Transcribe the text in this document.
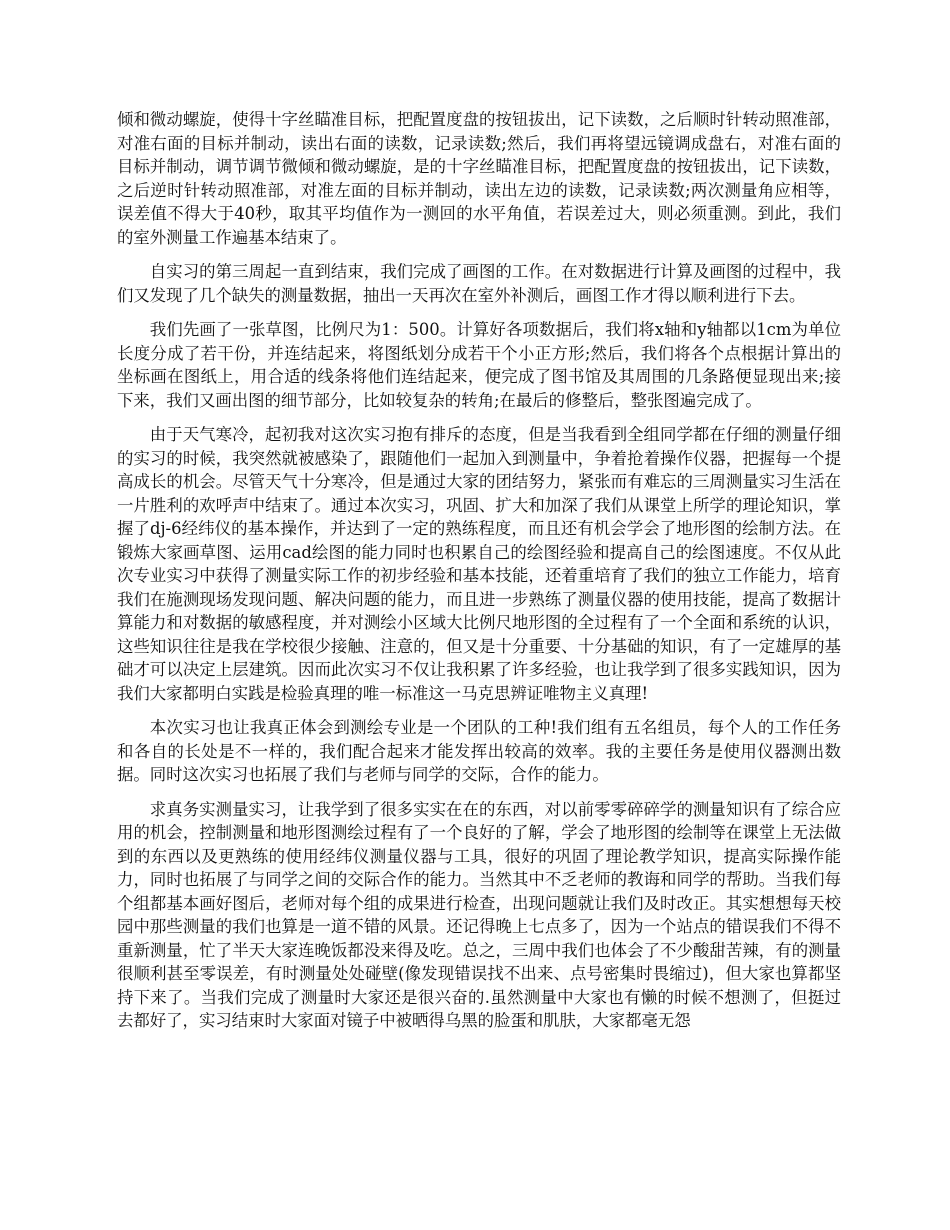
倾和微动螺旋，使得十字丝瞄准目标，把配置度盘的按钮拔出，记下读数，之后顺时针转动照准部，对准右面的目标并制动，读出右面的读数，记录读数;然后，我们再将望远镜调成盘右，对准右面的目标并制动，调节调节微倾和微动螺旋，是的十字丝瞄准目标，把配置度盘的按钮拔出，记下读数，之后逆时针转动照准部，对准左面的目标并制动，读出左边的读数，记录读数;两次测量角应相等，误差值不得大于40秒，取其平均值作为一测回的水平角值，若误差过大，则必须重测。到此，我们的室外测量工作遍基本结束了。

自实习的第三周起一直到结束，我们完成了画图的工作。在对数据进行计算及画图的过程中，我们又发现了几个缺失的测量数据，抽出一天再次在室外补测后，画图工作才得以顺利进行下去。

我们先画了一张草图，比例尺为1：500。计算好各项数据后，我们将x轴和y轴都以1cm为单位长度分成了若干份，并连结起来，将图纸划分成若干个小正方形;然后，我们将各个点根据计算出的坐标画在图纸上，用合适的线条将他们连结起来，便完成了图书馆及其周围的几条路便显现出来;接下来，我们又画出图的细节部分，比如较复杂的转角;在最后的修整后，整张图遍完成了。

由于天气寒冷，起初我对这次实习抱有排斥的态度，但是当我看到全组同学都在仔细的测量仔细的实习的时候，我突然就被感染了，跟随他们一起加入到测量中，争着抢着操作仪器，把握每一个提高成长的机会。尽管天气十分寒冷，但是通过大家的团结努力，紧张而有难忘的三周测量实习生活在一片胜利的欢呼声中结束了。通过本次实习，巩固、扩大和加深了我们从课堂上所学的理论知识，掌握了dj-6经纬仪的基本操作，并达到了一定的熟练程度，而且还有机会学会了地形图的绘制方法。在锻炼大家画草图、运用cad绘图的能力同时也积累自己的绘图经验和提高自己的绘图速度。不仅从此次专业实习中获得了测量实际工作的初步经验和基本技能，还着重培育了我们的独立工作能力，培育我们在施测现场发现问题、解决问题的能力，而且进一步熟练了测量仪器的使用技能，提高了数据计算能力和对数据的敏感程度，并对测绘小区域大比例尺地形图的全过程有了一个全面和系统的认识，这些知识往往是我在学校很少接触、注意的，但又是十分重要、十分基础的知识，有了一定雄厚的基础才可以决定上层建筑。因而此次实习不仅让我积累了许多经验，也让我学到了很多实践知识，因为我们大家都明白实践是检验真理的唯一标准这一马克思辨证唯物主义真理!

本次实习也让我真正体会到测绘专业是一个团队的工种!我们组有五名组员，每个人的工作任务和各自的长处是不一样的，我们配合起来才能发挥出较高的效率。我的主要任务是使用仪器测出数据。同时这次实习也拓展了我们与老师与同学的交际，合作的能力。

求真务实测量实习，让我学到了很多实实在在的东西，对以前零零碎碎学的测量知识有了综合应用的机会，控制测量和地形图测绘过程有了一个良好的了解，学会了地形图的绘制等在课堂上无法做到的东西以及更熟练的使用经纬仪测量仪器与工具，很好的巩固了理论教学知识，提高实际操作能力，同时也拓展了与同学之间的交际合作的能力。当然其中不乏老师的教诲和同学的帮助。当我们每个组都基本画好图后，老师对每个组的成果进行检查，出现问题就让我们及时改正。其实想想每天校园中那些测量的我们也算是一道不错的风景。还记得晚上七点多了，因为一个站点的错误我们不得不重新测量，忙了半天大家连晚饭都没来得及吃。总之，三周中我们也体会了不少酸甜苦辣，有的测量很顺利甚至零误差，有时测量处处碰壁(像发现错误找不出来、点号密集时畏缩过)，但大家也算都坚持下来了。当我们完成了测量时大家还是很兴奋的.虽然测量中大家也有懒的时候不想测了，但挺过去都好了，实习结束时大家面对镜子中被晒得乌黑的脸蛋和肌肤，大家都毫无怨
